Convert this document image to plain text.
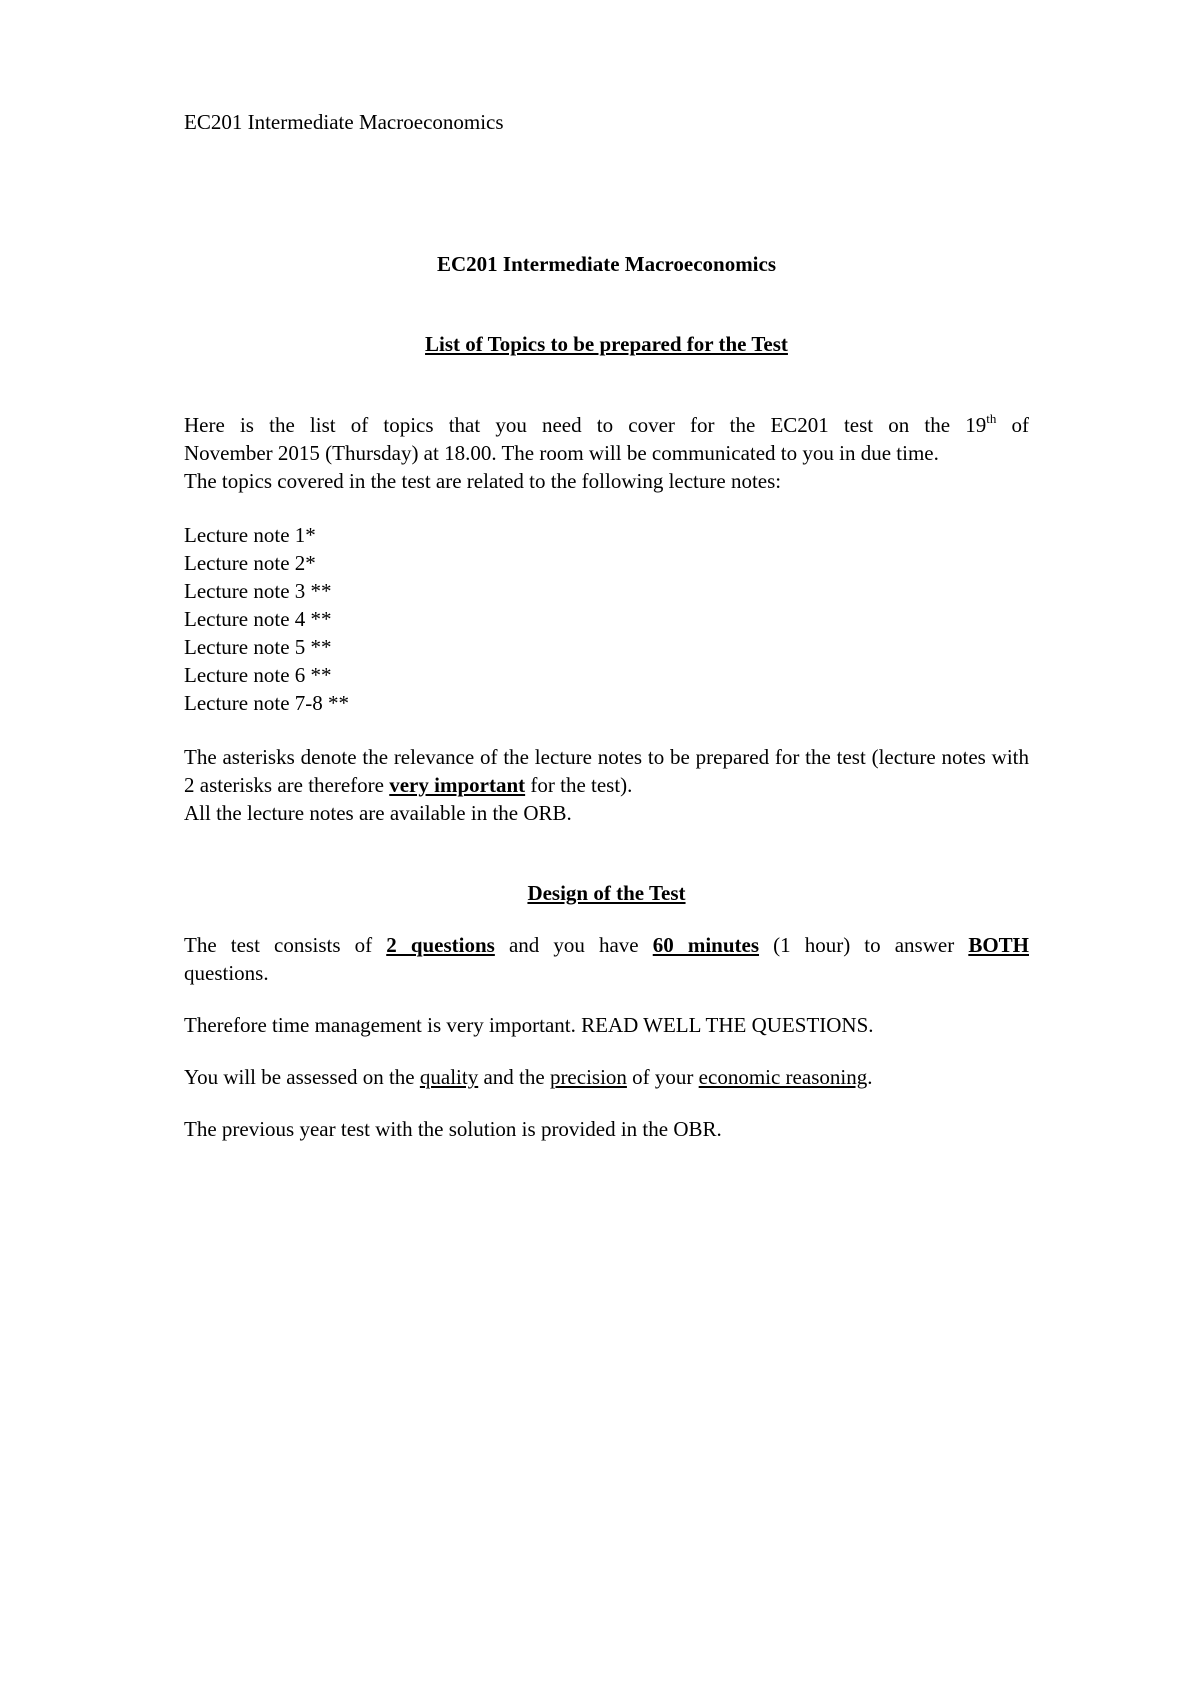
EC201 Intermediate Macroeconomics
EC201 Intermediate Macroeconomics
List of Topics to be prepared for the Test

Here is the list of topics that you need to cover for the EC201 test on the 19th of

November 2015 (Thursday) at 18.00. The room will be communicated to you in due time.

The topics covered in the test are related to the following lecture notes:

Lecture note 1*
Lecture note 2*
Lecture note 3 **
Lecture note 4 **
Lecture note 5 **
Lecture note 6 **
Lecture note 7-8 **

The asterisks denote the relevance of the lecture notes to be prepared for the test (lecture notes with 2 asterisks are therefore very important for the test).

All the lecture notes are available in the ORB.

Design of the Test

The test consists of 2 questions and you have 60 minutes (1 hour) to answer BOTH

questions.

Therefore time management is very important. READ WELL THE QUESTIONS.

You will be assessed on the quality and the precision of your economic reasoning.

The previous year test with the solution is provided in the OBR.
